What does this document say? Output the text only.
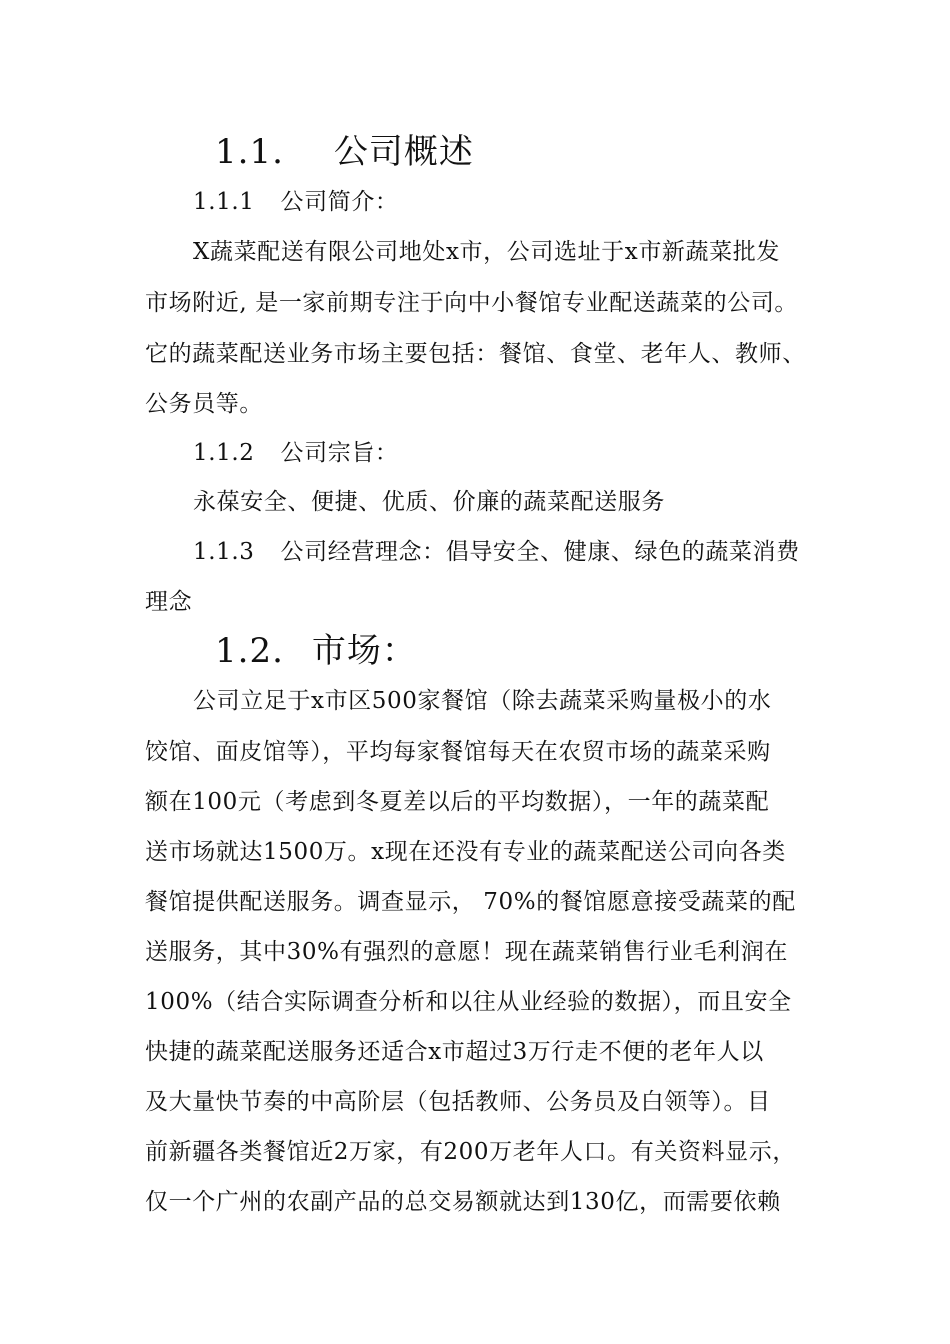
1.1. 公司概述
1.1.1 公司简介：
X蔬菜配送有限公司地处x市，公司选址于x市新蔬菜批发
市场附近, 是一家前期专注于向中小餐馆专业配送蔬菜的公司。
它的蔬菜配送业务市场主要包括：餐馆、食堂、老年人、教师、
公务员等。
1.1.2 公司宗旨：
永葆安全、便捷、优质、价廉的蔬菜配送服务
1.1.3 公司经营理念：倡导安全、健康、绿色的蔬菜消费
理念
1.2. 市场：
公司立足于x市区500家餐馆（除去蔬菜采购量极小的水
饺馆、面皮馆等），平均每家餐馆每天在农贸市场的蔬菜采购
额在100元（考虑到冬夏差以后的平均数据），一年的蔬菜配
送市场就达1500万。x现在还没有专业的蔬菜配送公司向各类
餐馆提供配送服务。调查显示， 70%的餐馆愿意接受蔬菜的配
送服务，其中30%有强烈的意愿！现在蔬菜销售行业毛利润在
100%（结合实际调查分析和以往从业经验的数据），而且安全
快捷的蔬菜配送服务还适合x市超过3万行走不便的老年人以
及大量快节奏的中高阶层（包括教师、公务员及白领等）。目
前新疆各类餐馆近2万家，有200万老年人口。有关资料显示，
仅一个广州的农副产品的总交易额就达到130亿，而需要依赖
